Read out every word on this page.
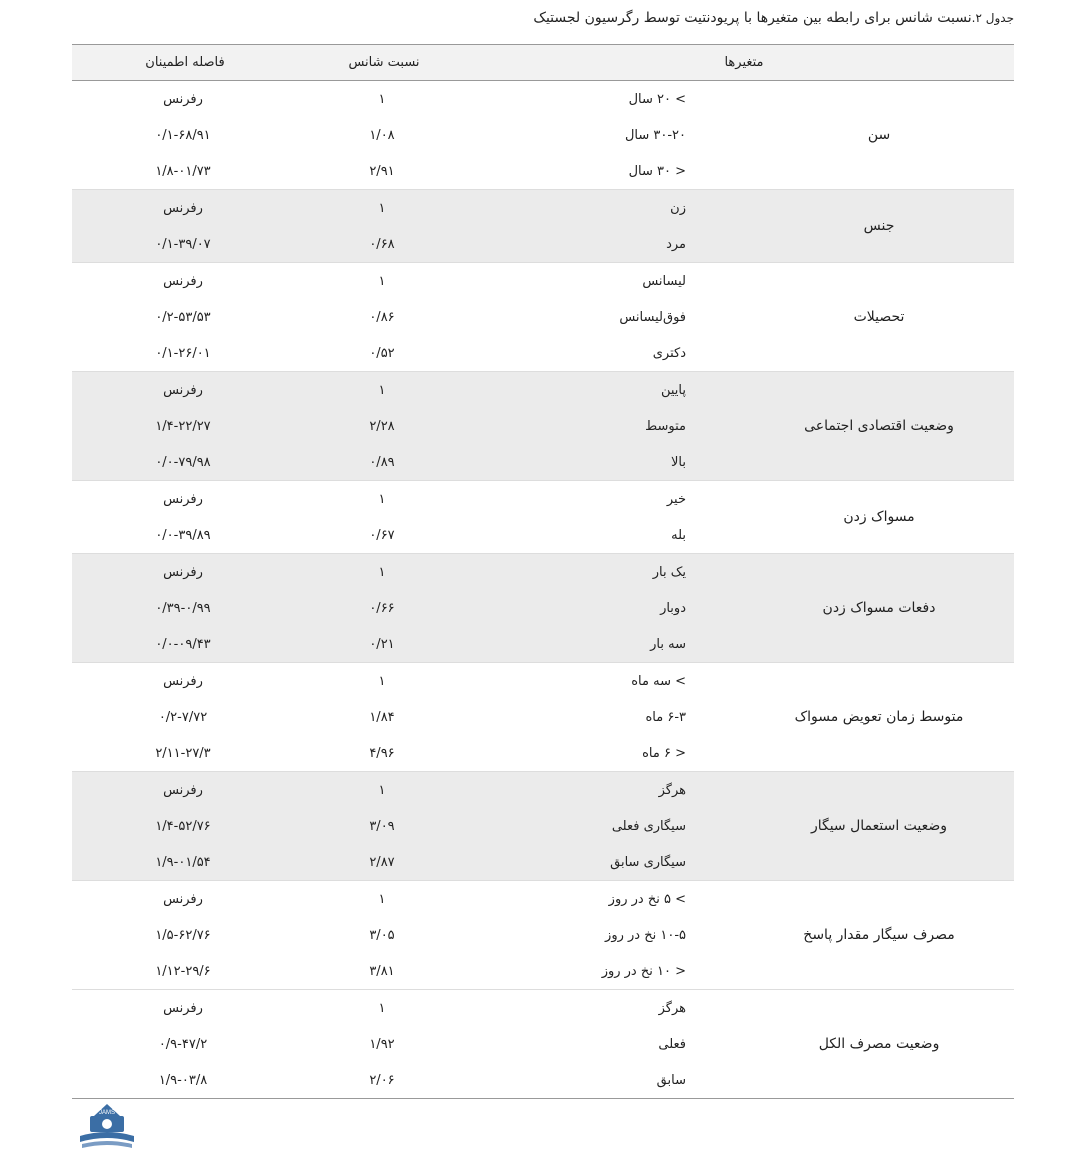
جدول ۲.نسبت شانس برای رابطه بین متغیرها با پریودنتیت توسط رگرسیون لجستیک
متغیرها
نسبت شانس
فاصله اطمینان
سن
> ۲۰ سال
۱
رفرنس
۳۰-۲۰ سال
۱/۰۸
۰/۱-۶۸/۹۱
< ۳۰ سال
۲/۹۱
۱/۸-۰۱/۷۳
جنس
زن
۱
رفرنس
مرد
۰/۶۸
۰/۱-۳۹/۰۷
تحصیلات
لیسانس
۱
رفرنس
فوق‌لیسانس
۰/۸۶
۰/۲-۵۳/۵۳
دکتری
۰/۵۲
۰/۱-۲۶/۰۱
وضعیت اقتصادی اجتماعی
پایین
۱
رفرنس
متوسط
۲/۲۸
۱/۴-۲۲/۲۷
بالا
۰/۸۹
۰/۰-۷۹/۹۸
مسواک زدن
خیر
۱
رفرنس
بله
۰/۶۷
۰/۰-۳۹/۸۹
دفعات مسواک زدن
یک بار
۱
رفرنس
دوبار
۰/۶۶
۰/۳۹-۰/۹۹
سه بار
۰/۲۱
۰/۰-۰۹/۴۳
متوسط زمان تعویض مسواک
> سه ماه
۱
رفرنس
۶-۳ ماه
۱/۸۴
۰/۲-۷/۷۲
< ۶ ماه
۴/۹۶
۲/۱۱-۲۷/۳
وضعیت استعمال سیگار
هرگز
۱
رفرنس
سیگاری فعلی
۳/۰۹
۱/۴-۵۲/۷۶
سیگاری سابق
۲/۸۷
۱/۹-۰۱/۵۴
مصرف سیگار مقدار پاسخ
> ۵ نخ در روز
۱
رفرنس
۱۰-۵ نخ در روز
۳/۰۵
۱/۵-۶۲/۷۶
< ۱۰ نخ در روز
۳/۸۱
۱/۱۲-۲۹/۶
وضعیت مصرف الکل
هرگز
۱
رفرنس
فعلی
۱/۹۲
۰/۹-۴۷/۲
سابق
۲/۰۶
۱/۹-۰۳/۸
JAMS
